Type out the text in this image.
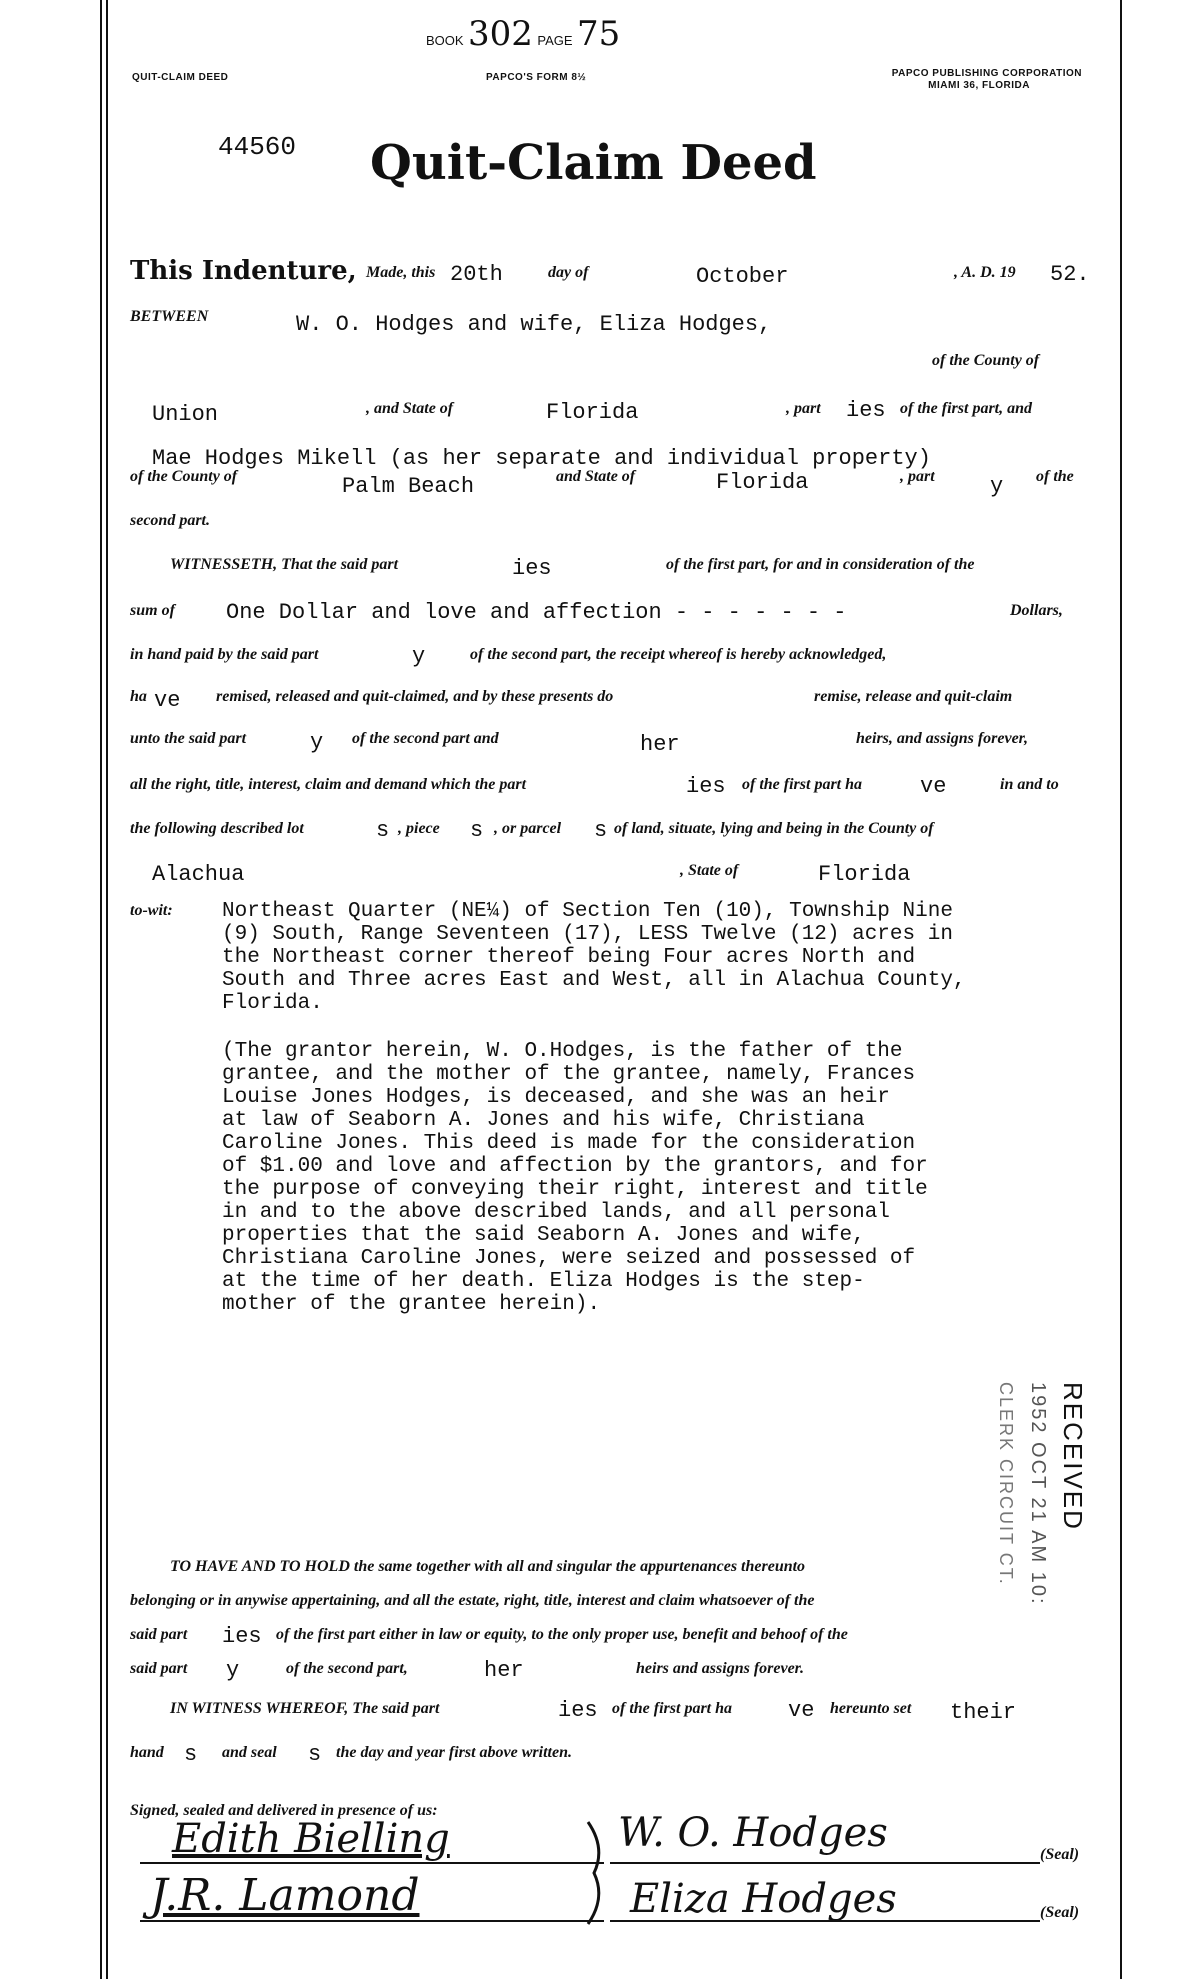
BOOK 302 PAGE 75
QUIT-CLAIM DEED	PAPCO'S FORM 8½	PAPCO PUBLISHING CORPORATION
MIAMI 36, FLORIDA
44560 Quit-Claim Deed
This Indenture, Made, this 20th	day of	October	, A. D. 19 52.
BETWEEN	W. O. Hodges and wife, Eliza Hodges,
of the County of
Union	, and State of	Florida	, part ies of the first part, and
Mae Hodges Mikell (as her separate and individual property)
of the County of	Palm Beach	and State of	Florida	, part	y of the
second part.
WITNESSETH, That the said part	ies	of the first part, for and in consideration of the
sum of One Dollar and love and affection - - - - - - -	Dollars,
in hand paid by the said part	y	of the second part, the receipt whereof is hereby acknowledged,
ha ve remised, released and quit-claimed, and by these presents do	remise, release and quit-claim
unto the said part	y of the second part and	her	heirs, and assigns forever,
all the right, title, interest, claim and demand which the part	ies of the first part ha	ve	in and to
the following described lot	s , piece s , or parcel s of land, situate, lying and being in the County of
Alachua	, State of	Florida
to-wit: Northeast Quarter (NE¼) of Section Ten (10), Township Nine
(9) South, Range Seventeen (17), LESS Twelve (12) acres in
the Northeast corner thereof being Four acres North and
South and Three acres East and West, all in Alachua County,
Florida.
(The grantor herein, W. O.Hodges, is the father of the
grantee, and the mother of the grantee, namely, Frances
Louise Jones Hodges, is deceased, and she was an heir
at law of Seaborn A. Jones and his wife, Christiana
Caroline Jones. This deed is made for the consideration
of $1.00 and love and affection by the grantors, and for
the purpose of conveying their right, interest and title
in and to the above described lands, and all personal
properties that the said Seaborn A. Jones and wife,
Christiana Caroline Jones, were seized and possessed of
at the time of her death. Eliza Hodges is the step-
mother of the grantee herein).
RECEIVED
1952 OCT 21 AM 10:
CLERK CIRCUIT CT.
TO HAVE AND TO HOLD the same together with all and singular the appurtenances thereunto
belonging or in anywise appertaining, and all the estate, right, title, interest and claim whatsoever of the
said part ies of the first part either in law or equity, to the only proper use, benefit and behoof of the
said part y	of the second part,	her	heirs and assigns forever.
IN WITNESS WHEREOF, The said part	ies of the first part ha	ve hereunto set their
hand s and seal s the day and year first above written.
Signed, sealed and delivered in presence of us:
Edith Bielling
J.R. Lamond
W. O. Hodges
Eliza Hodges
(Seal)
(Seal)
